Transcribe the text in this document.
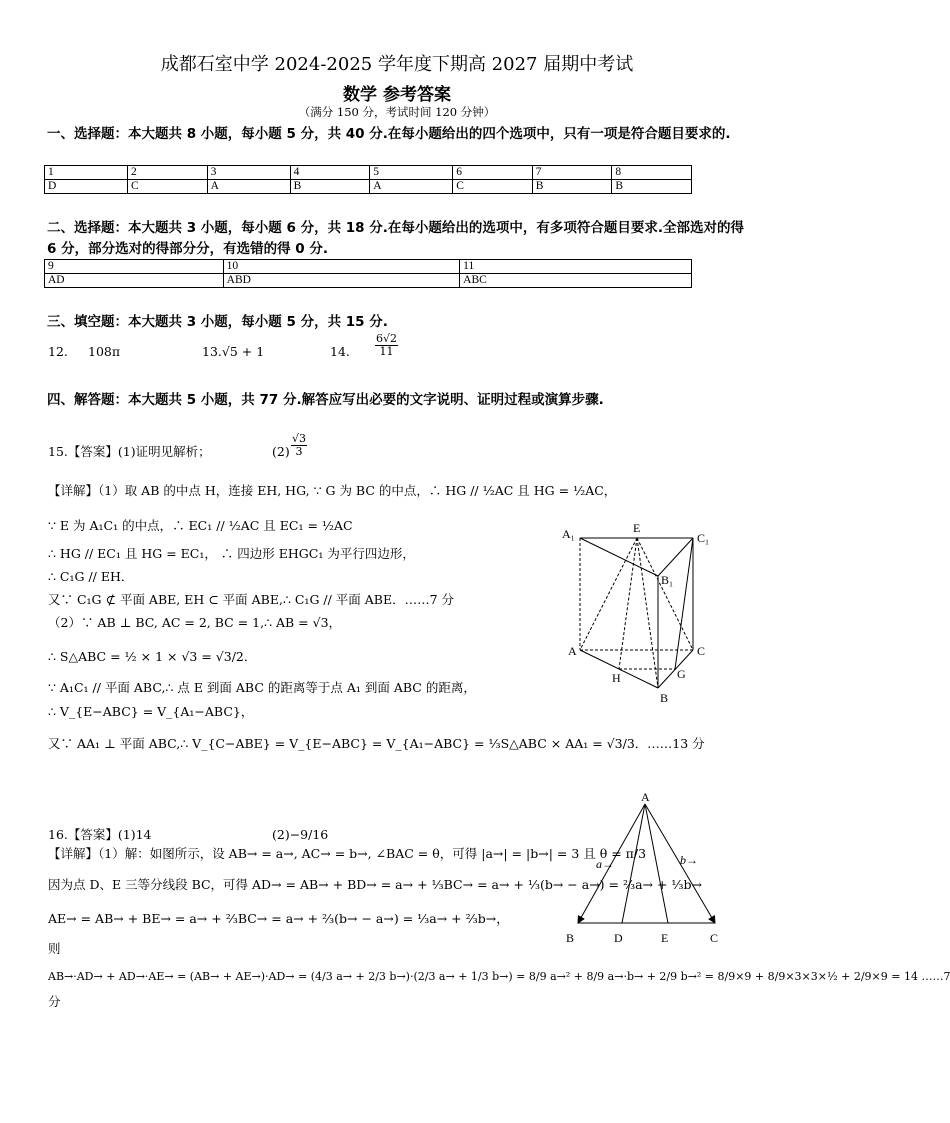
成都石室中学 2024-2025 学年度下期高 2027 届期中考试
数学 参考答案
（满分 150 分，考试时间 120 分钟）
一、选择题：本大题共 8 小题，每小题 5 分，共 40 分.在每小题给出的四个选项中，只有一项是符合题目要求的.
1	2	3	4	5	6	7	8
D	C	A	B	A	C	B	B
二、选择题：本大题共 3 小题，每小题 6 分，共 18 分.在每小题给出的选项中，有多项符合题目要求.全部选对的得 6 分，部分选对的得部分分，有选错的得 0 分.
9	10	11
AD	ABD	ABC
三、填空题：本大题共 3 小题，每小题 5 分，共 15 分.
12. 108π	13.√5 + 1	14. $\frac{6√2}{11}$
四、解答题：本大题共 5 小题，共 77 分.解答应写出必要的文字说明、证明过程或演算步骤.
15.【答案】(1)证明见解析；	$(2) \frac{√3}{3}$
【详解】（1）取 AB 的中点 H，连接 EH, HG, ∵ G 为 BC 的中点，∴ HG // ½AC 且 HG = ½AC，
∵ E 为 A₁C₁ 的中点，∴ EC₁ // ½AC 且 EC₁ = ½AC
∴ HG // EC₁ 且 HG = EC₁， ∴ 四边形 EHGC₁ 为平行四边形，
∴ C₁G // EH．
又∵ C₁G ⊄ 平面 ABE, EH ⊂ 平面 ABE,∴ C₁G // 平面 ABE．……7 分
（2）∵ AB ⊥ BC, AC = 2, BC = 1,∴ AB = √3，
∴ S△ABC = ½ × 1 × √3 = √3/2．
∵ A₁C₁ // 平面 ABC,∴ 点 E 到面 ABC 的距离等于点 A₁ 到面 ABC 的距离，
∴ V_{E−ABC} = V_{A₁−ABC}，
又∵ AA₁ ⊥ 平面 ABC,∴ V_{C−ABE} = V_{E−ABC} = V_{A₁−ABC} = ⅓S△ABC × AA₁ = √3/3．……13 分
A₁	E
C₁
B₁
A	C
H	G
B
16.【答案】(1)14	(2)−9/16
【详解】（1）解：如图所示，设 AB→ = a→, AC→ = b→, ∠BAC = θ，可得 |a→| = |b→| = 3 且 θ = π/3
因为点 D、E 三等分线段 BC，可得 AD→ = AB→ + BD→ = a→ + ⅓BC→ = a→ + ⅓(b→ − a→) = ⅔a→ + ⅓b→
AE→ = AB→ + BE→ = a→ + ⅔BC→ = a→ + ⅔(b→ − a→) = ⅓a→ + ⅔b→，
则
AB→·AD→ + AD→·AE→ = (AB→ + AE→)·AD→ = (4/3 a→ + 2/3 b→)·(2/3 a→ + 1/3 b→) = 8/9 a→² + 8/9 a→·b→ + 2/9 b→² = 8/9×9 + 8/9×3×3×½ + 2/9×9 = 14 ……7
分
A
a→	b→
B	D	E	C
